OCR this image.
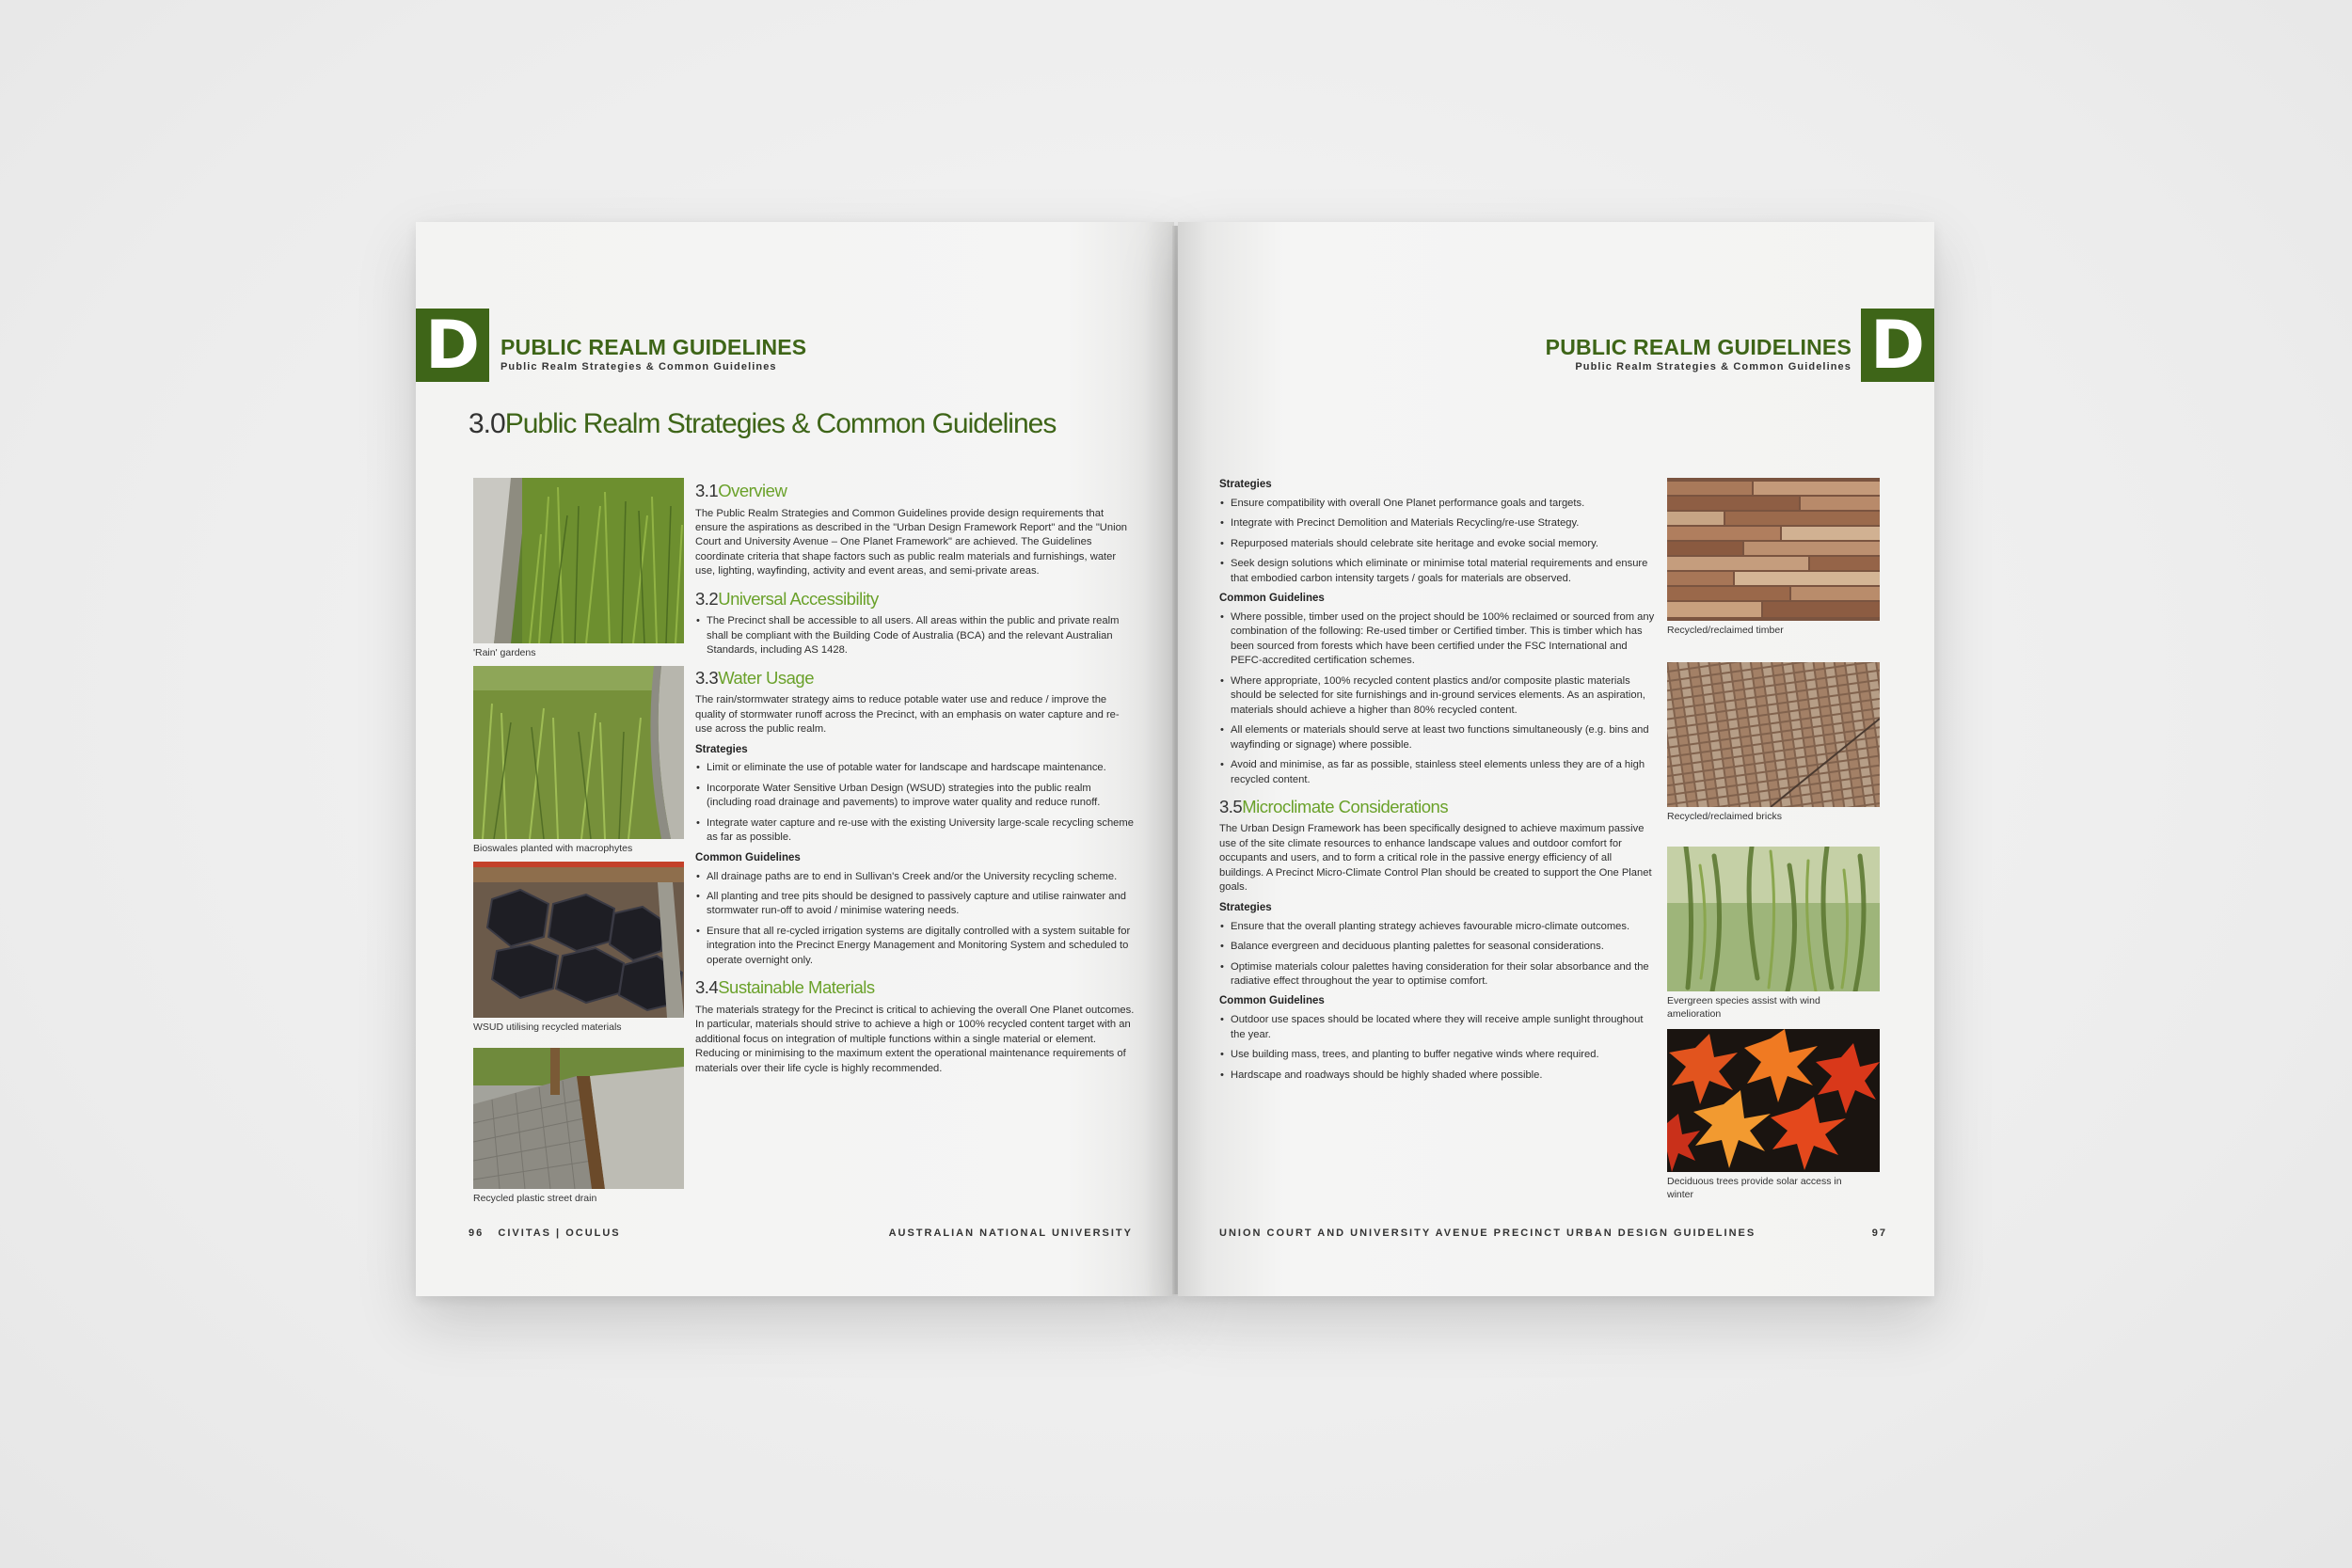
D PUBLIC REALM GUIDELINES
Public Realm Strategies & Common Guidelines
3.0Public Realm Strategies & Common Guidelines
'Rain' gardens
Bioswales planted with macrophytes
WSUD utilising recycled materials
Recycled plastic street drain
3.1Overview

The Public Realm Strategies and Common Guidelines provide design requirements that ensure the aspirations as described in the "Urban Design Framework Report" and the "Union Court and University Avenue – One Planet Framework" are achieved. The Guidelines coordinate criteria that shape factors such as public realm materials and furnishings, water use, lighting, wayfinding, activity and event areas, and semi-private areas.

3.2Universal Accessibility
• The Precinct shall be accessible to all users. All areas within the public and private realm shall be compliant with the Building Code of Australia (BCA) and the relevant Australian Standards, including AS 1428.
3.3Water Usage

The rain/stormwater strategy aims to reduce potable water use and reduce / improve the quality of stormwater runoff across the Precinct, with an emphasis on water capture and re-use across the public realm.

Strategies
• Limit or eliminate the use of potable water for landscape and hardscape maintenance.
• Incorporate Water Sensitive Urban Design (WSUD) strategies into the public realm (including road drainage and pavements) to improve water quality and reduce runoff.
• Integrate water capture and re-use with the existing University large-scale recycling scheme as far as possible.
Common Guidelines
• All drainage paths are to end in Sullivan's Creek and/or the University recycling scheme.
• All planting and tree pits should be designed to passively capture and utilise rainwater and stormwater run-off to avoid / minimise watering needs.
• Ensure that all re-cycled irrigation systems are digitally controlled with a system suitable for integration into the Precinct Energy Management and Monitoring System and scheduled to operate overnight only.
3.4Sustainable Materials

The materials strategy for the Precinct is critical to achieving the overall One Planet outcomes. In particular, materials should strive to achieve a high or 100% recycled content target with an additional focus on integration of multiple functions within a single material or element. Reducing or minimising to the maximum extent the operational maintenance requirements of materials over their life cycle is highly recommended.

96 CIVITAS | OCULUS	AUSTRALIAN NATIONAL UNIVERSITY
D
PUBLIC REALM GUIDELINES
Public Realm Strategies & Common Guidelines
Strategies
• Ensure compatibility with overall One Planet performance goals and targets.
• Integrate with Precinct Demolition and Materials Recycling/re-use Strategy.
• Repurposed materials should celebrate site heritage and evoke social memory.
• Seek design solutions which eliminate or minimise total material requirements and ensure that embodied carbon intensity targets / goals for materials are observed.
Common Guidelines
• Where possible, timber used on the project should be 100% reclaimed or sourced from any combination of the following: Re-used timber or Certified timber. This is timber which has been sourced from forests which have been certified under the FSC International and PEFC-accredited certification schemes.
• Where appropriate, 100% recycled content plastics and/or composite plastic materials should be selected for site furnishings and in-ground services elements. As an aspiration, materials should achieve a higher than 80% recycled content.
• All elements or materials should serve at least two functions simultaneously (e.g. bins and wayfinding or signage) where possible.
• Avoid and minimise, as far as possible, stainless steel elements unless they are of a high recycled content.
3.5Microclimate Considerations

The Urban Design Framework has been specifically designed to achieve maximum passive use of the site climate resources to enhance landscape values and outdoor comfort for occupants and users, and to form a critical role in the passive energy efficiency of all buildings. A Precinct Micro-Climate Control Plan should be created to support the One Planet goals.

Strategies
• Ensure that the overall planting strategy achieves favourable micro-climate outcomes.
• Balance evergreen and deciduous planting palettes for seasonal considerations.
• Optimise materials colour palettes having consideration for their solar absorbance and the radiative effect throughout the year to optimise comfort.
Common Guidelines
• Outdoor use spaces should be located where they will receive ample sunlight throughout the year.
• Use building mass, trees, and planting to buffer negative winds where required.
• Hardscape and roadways should be highly shaded where possible.
Recycled/reclaimed timber
Recycled/reclaimed bricks
Evergreen species assist with wind amelioration
Deciduous trees provide solar access in winter
UNION COURT AND UNIVERSITY AVENUE PRECINCT URBAN DESIGN GUIDELINES	97
